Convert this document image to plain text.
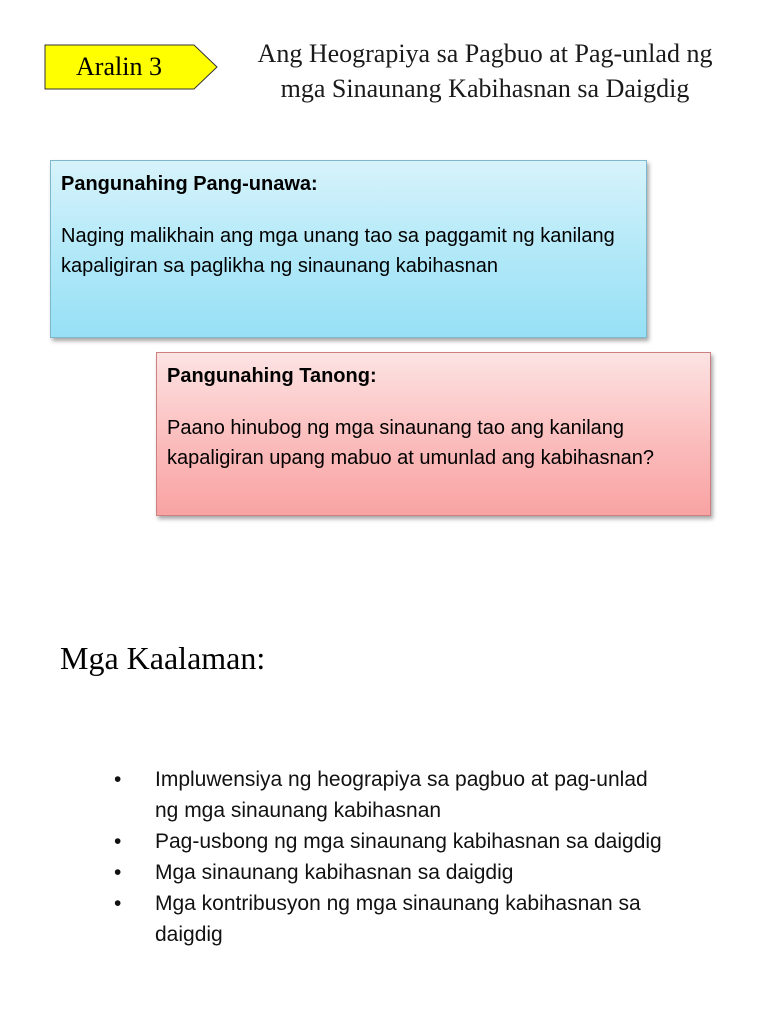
Aralin 3	Ang Heograpiya sa Pagbuo at Pag-unlad ng mga Sinaunang Kabihasnan sa Daigdig

Pangunahing Pang-unawa:

Naging malikhain ang mga unang tao sa paggamit ng kanilang kapaligiran sa paglikha ng sinaunang kabihasnan

Pangunahing Tanong:

Paano hinubog ng mga sinaunang tao ang kanilang kapaligiran upang mabuo at umunlad ang kabihasnan?

Mga Kaalaman:
• Impluwensiya ng heograpiya sa pagbuo at pag-unlad ng mga sinaunang kabihasnan
• Pag-usbong ng mga sinaunang kabihasnan sa daigdig
• Mga sinaunang kabihasnan sa daigdig
• Mga kontribusyon ng mga sinaunang kabihasnan sa daigdig
